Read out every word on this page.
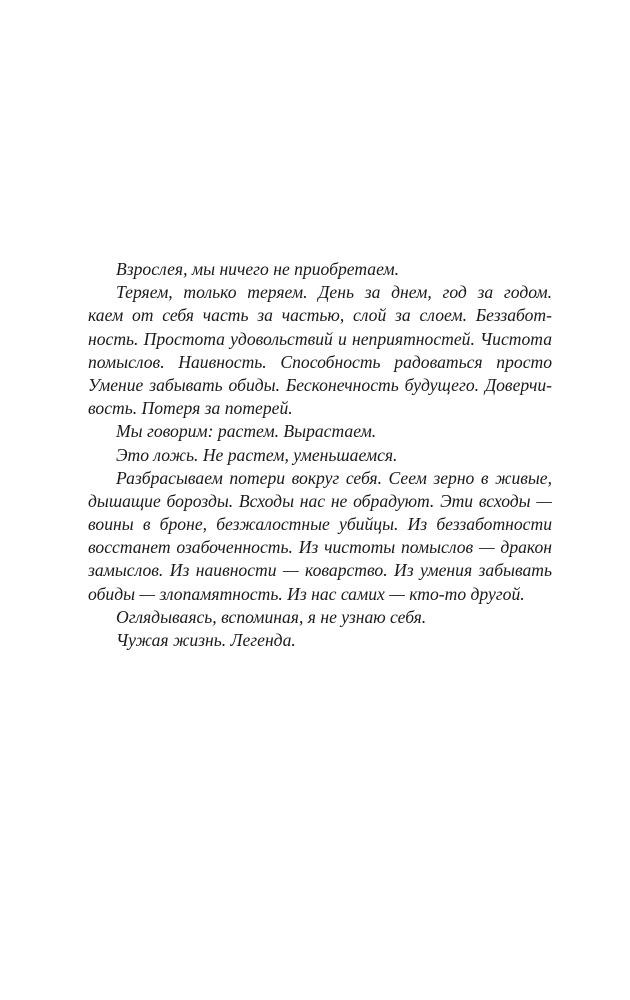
Взрослея, мы ничего не приобретаем.
Теряем, только теряем. День за днем, год за годом.
каем от себя часть за частью, слой за слоем. Беззабот-
ность. Простота удовольствий и неприятностей. Чистота
помыслов. Наивность. Способность радоваться просто
Умение забывать обиды. Бесконечность будущего. Доверчи-
вость. Потеря за потерей.
Мы говорим: растем. Вырастаем.
Это ложь. Не растем, уменьшаемся.
Разбрасываем потери вокруг себя. Сеем зерно в живые,
дышащие борозды. Всходы нас не обрадуют. Эти всходы —
воины в броне, безжалостные убийцы. Из беззаботности
восстанет озабоченность. Из чистоты помыслов — дракон
замыслов. Из наивности — коварство. Из умения забывать
обиды — злопамятность. Из нас самих — кто-то другой.
Оглядываясь, вспоминая, я не узнаю себя.
Чужая жизнь. Легенда.
